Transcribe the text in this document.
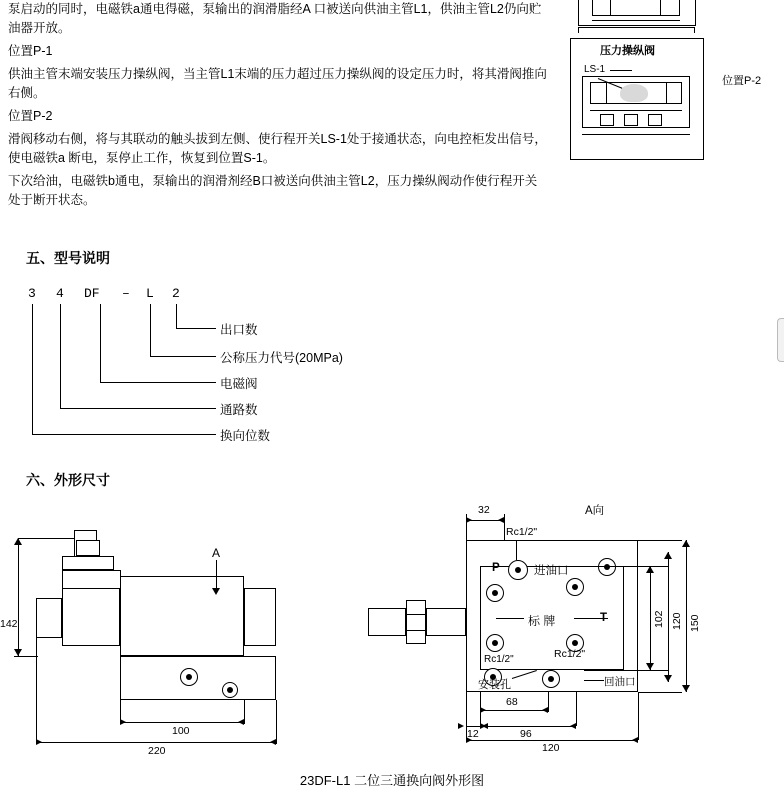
泵启动的同时，电磁铁a通电得磁，泵输出的润滑脂经A 口被送向供油主管L1，供油主管L2仍向贮油器开放。

位置P-1

供油主管末端安装压力操纵阀，当主管L1末端的压力超过压力操纵阀的设定压力时，将其滑阀推向右侧。

位置P-2

滑阀移动右侧，将与其联动的触头拔到左侧、使行程开关LS-1处于接通状态，向电控柜发出信号，使电磁铁a 断电，泵停止工作，恢复到位置S-1。

下次给油，电磁铁b通电，泵输出的润滑剂经B口被送向供油主管L2，压力操纵阀动作使行程开关处于断开状态。

压力操纵阀
LS-1
位置P-2
五、型号说明
3 4 DF – L 2
出口数
公称压力代号(20MPa)
电磁阀
通路数
换向位数
六、外形尺寸
A
142
100
220
A向
P	进油口
Rc1/2"
标 牌	T
Rc1/2"
回油口
Rc1/2"
安装孔
32
102 120 150
68
12	96
120
23DF-L1 二位三通换向阀外形图
